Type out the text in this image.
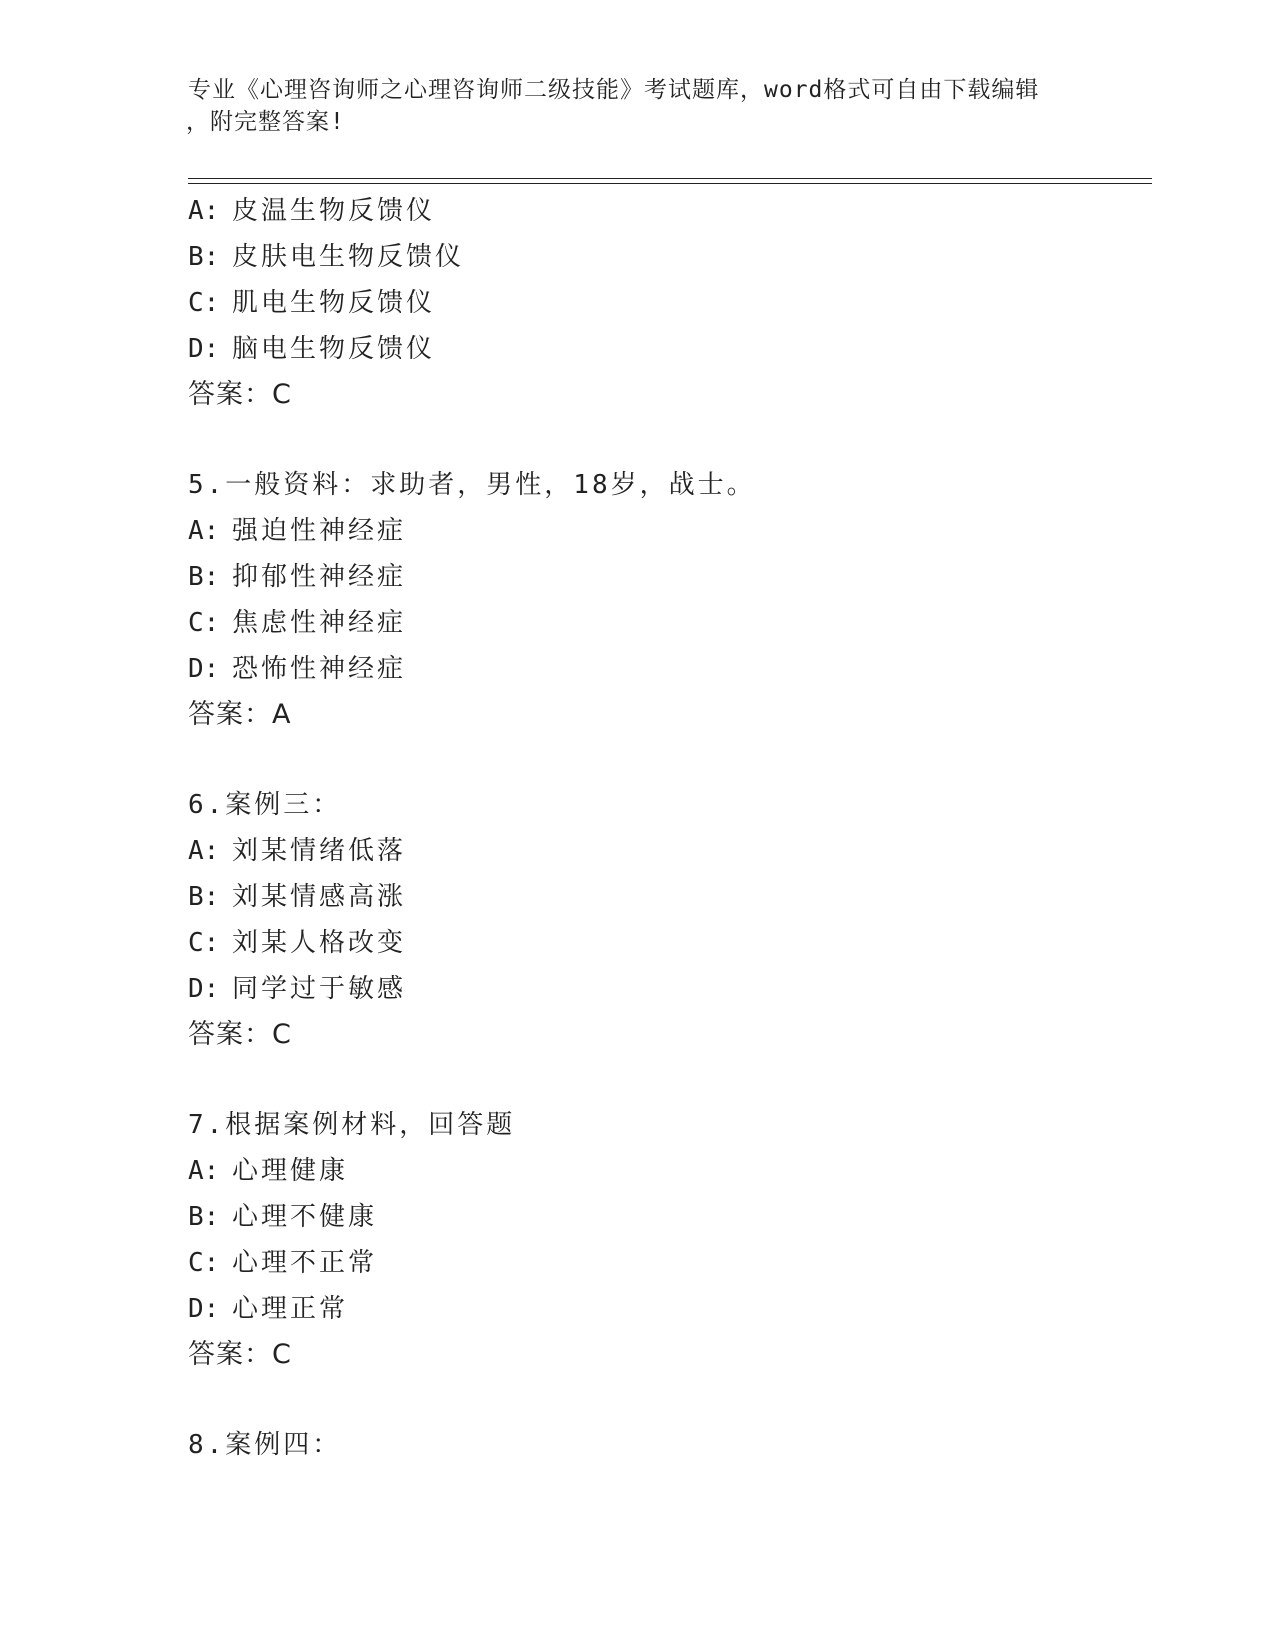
专业《心理咨询师之心理咨询师二级技能》考试题库，word格式可自由下载编辑
，附完整答案!
A: 皮温生物反馈仪
B: 皮肤电生物反馈仪
C: 肌电生物反馈仪
D: 脑电生物反馈仪
答案：C
5.一般资料：求助者，男性，18岁，战士。
A: 强迫性神经症
B: 抑郁性神经症
C: 焦虑性神经症
D: 恐怖性神经症
答案：A
6.案例三：
A: 刘某情绪低落
B: 刘某情感高涨
C: 刘某人格改变
D: 同学过于敏感
答案：C
7.根据案例材料，回答题
A: 心理健康
B: 心理不健康
C: 心理不正常
D: 心理正常
答案：C
8.案例四：
